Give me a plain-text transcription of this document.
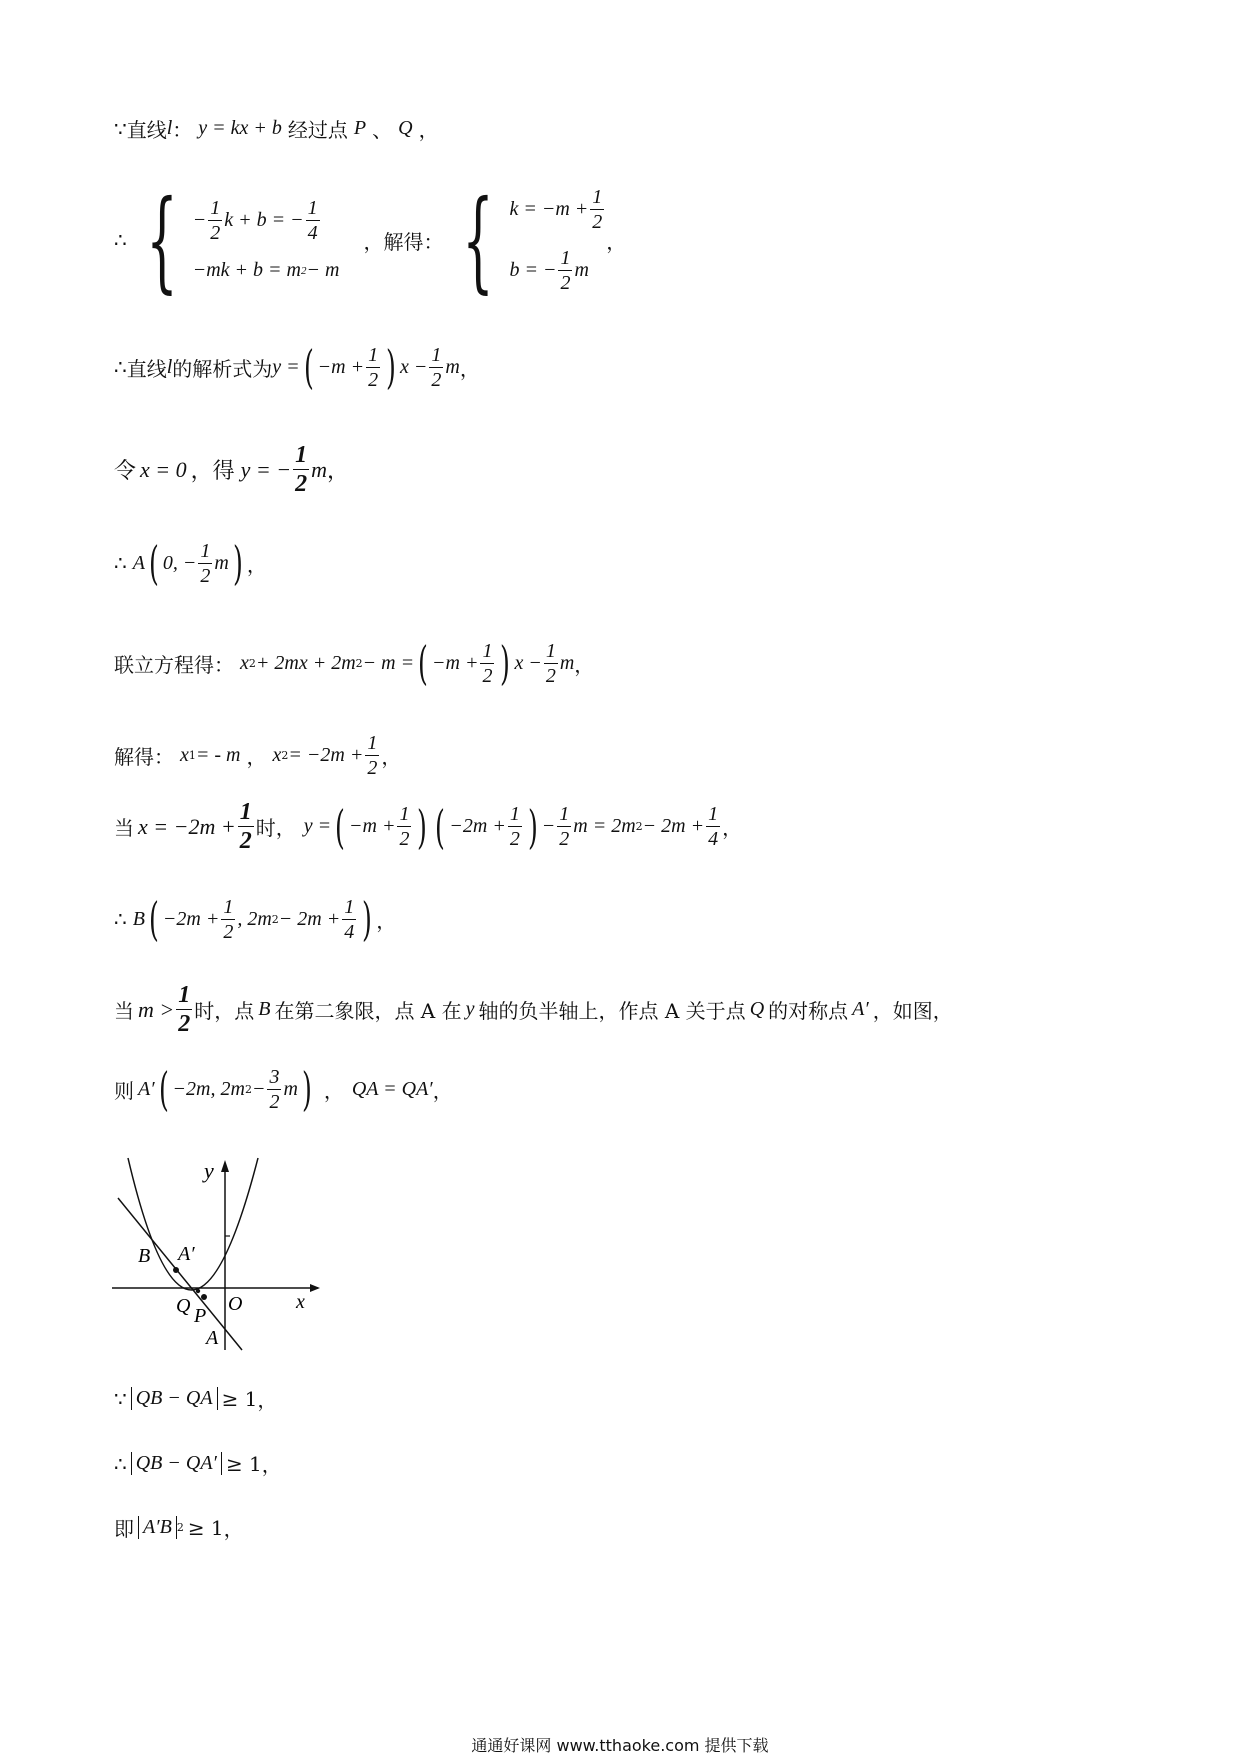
∵ 直线 l ： y = kx + b 经过点 P 、 Q ，
∴ { − $\frac{1}{2}$ k + b = − $\frac{1}{4}$
−mk + b = m 2 − m
，解得： { $k = -m + \frac{1}{2}$
b = − $\frac{1}{2}$ m
，
∴ 直线 l 的解析式为 y = ( $-m + \frac{1}{2}$ ) $x - \frac{1}{2}$ m ，
令 x = 0 ，得 y = − $\frac{1}{2}$ m ，
∴ A ( 0, − $\frac{1}{2}$ m ) ，
联立方程得： x 2 + 2mx + 2m 2 − m = ( $-m + \frac{1}{2}$ ) $x - \frac{1}{2}$ m ，
解得： x 1 = - m ， x $2 = -2m + \frac{1}{2}$ ，
当 $x = -2m + \frac{1}{2}$ 时， y = ( $-m + \frac{1}{2}$ ) ( $-2m + \frac{1}{2}$ ) − $\frac{1}{2}$ m = 2m $2 - 2m + \frac{1}{4}$ ，
∴ B ( $-2m + \frac{1}{2}$ , 2m $2 - 2m + \frac{1}{4}$ ) ，
当 $m > \frac{1}{2}$ 时，点 B 在第二象限，点 A 在 y 轴的负半轴上，作点 A 关于点 Q 的对称点 A′ ，如图，
则 A′ ( −2m, 2m $2 - \frac{3}{2}$ m ) ， QA = QA′ ，
y
x
O
B A′
Q P
A
∵ QB − QA ≥ 1 ，
∴ QB − QA′ ≥ 1 ，
即 A′B 2 ≥ 1 ，
通通好课网 www.tthaoke.com 提供下载
